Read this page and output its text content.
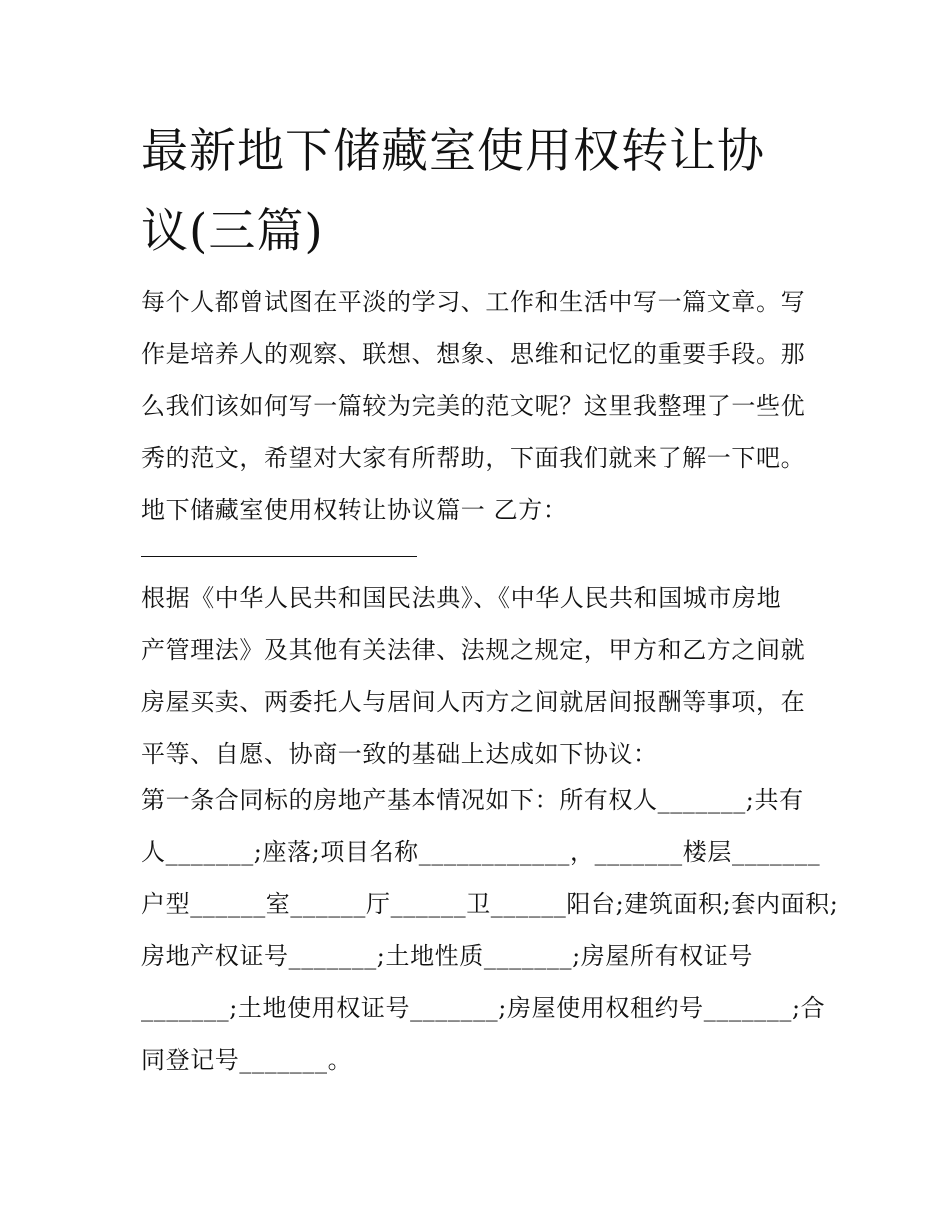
最新地下储藏室使用权转让协
议(三篇)
每个人都曾试图在平淡的学习、工作和生活中写一篇文章。写
作是培养人的观察、联想、想象、思维和记忆的重要手段。那
么我们该如何写一篇较为完美的范文呢？这里我整理了一些优
秀的范文，希望对大家有所帮助，下面我们就来了解一下吧。
地下储藏室使用权转让协议篇一 乙方：
根据《中华人民共和国民法典》、《中华人民共和国城市房地
产管理法》及其他有关法律、法规之规定，甲方和乙方之间就
房屋买卖、两委托人与居间人丙方之间就居间报酬等事项，在
平等、自愿、协商一致的基础上达成如下协议：
第一条合同标的房地产基本情况如下：所有权人_______;共有
人_______;座落;项目名称____________，_______楼层_______
户型______室______厅______卫______阳台;建筑面积;套内面积;
房地产权证号_______;土地性质_______;房屋所有权证号
_______;土地使用权证号_______;房屋使用权租约号_______;合
同登记号_______。
